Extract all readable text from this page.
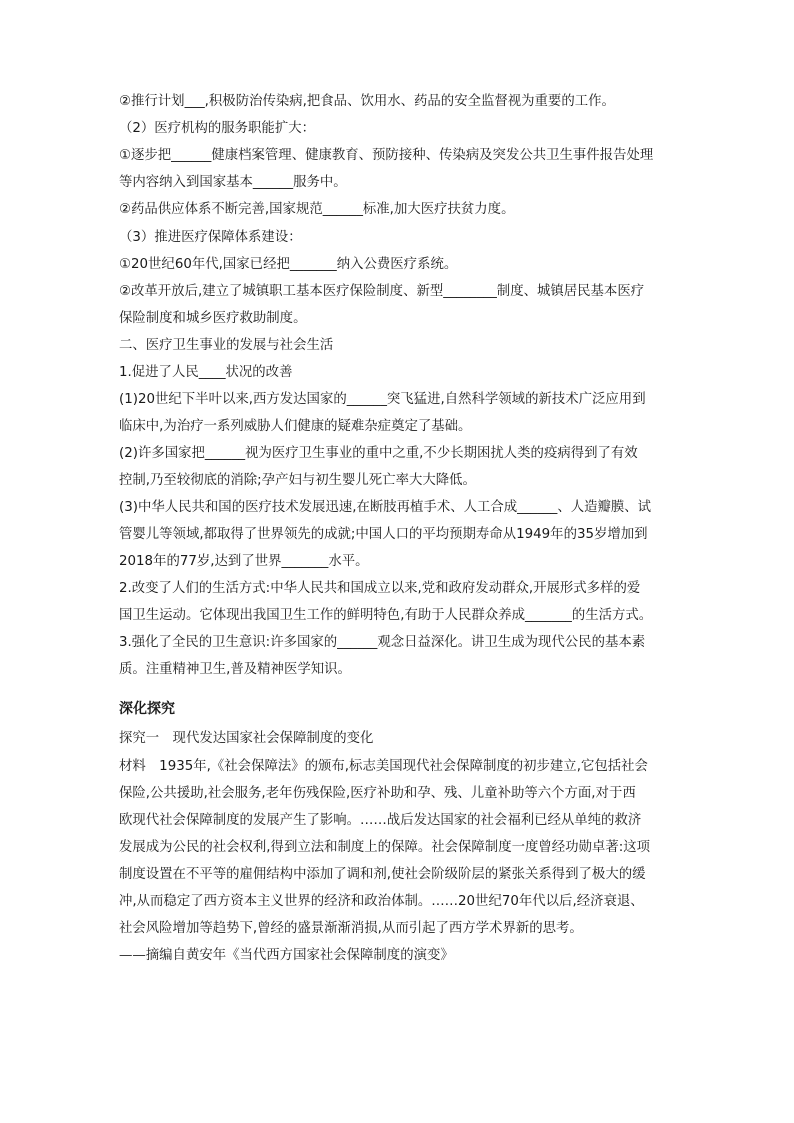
②推行计划___,积极防治传染病,把食品、饮用水、药品的安全监督视为重要的工作。
（2）医疗机构的服务职能扩大：
①逐步把______健康档案管理、健康教育、预防接种、传染病及突发公共卫生事件报告处理
等内容纳入到国家基本______服务中。
②药品供应体系不断完善,国家规范______标准,加大医疗扶贫力度。
（3）推进医疗保障体系建设：
①20世纪60年代,国家已经把_______纳入公费医疗系统。
②改革开放后,建立了城镇职工基本医疗保险制度、新型________制度、城镇居民基本医疗
保险制度和城乡医疗救助制度。
二、医疗卫生事业的发展与社会生活
1.促进了人民____状况的改善
(1)20世纪下半叶以来,西方发达国家的______突飞猛进,自然科学领域的新技术广泛应用到
临床中,为治疗一系列威胁人们健康的疑难杂症奠定了基础。
(2)许多国家把______视为医疗卫生事业的重中之重,不少长期困扰人类的疫病得到了有效
控制,乃至较彻底的消除;孕产妇与初生婴儿死亡率大大降低。
(3)中华人民共和国的医疗技术发展迅速,在断肢再植手术、人工合成______、人造瓣膜、试
管婴儿等领域,都取得了世界领先的成就;中国人口的平均预期寿命从1949年的35岁增加到
2018年的77岁,达到了世界_______水平。
2.改变了人们的生活方式:中华人民共和国成立以来,党和政府发动群众,开展形式多样的爱
国卫生运动。它体现出我国卫生工作的鲜明特色,有助于人民群众养成_______的生活方式。
3.强化了全民的卫生意识:许多国家的______观念日益深化。讲卫生成为现代公民的基本素
质。注重精神卫生,普及精神医学知识。
深化探究
探究一　现代发达国家社会保障制度的变化
材料　1935年,《社会保障法》的颁布,标志美国现代社会保障制度的初步建立,它包括社会
保险,公共援助,社会服务,老年伤残保险,医疗补助和孕、残、儿童补助等六个方面,对于西
欧现代社会保障制度的发展产生了影响。……战后发达国家的社会福利已经从单纯的救济
发展成为公民的社会权利,得到立法和制度上的保障。社会保障制度一度曾经功勋卓著:这项
制度设置在不平等的雇佣结构中添加了调和剂,使社会阶级阶层的紧张关系得到了极大的缓
冲,从而稳定了西方资本主义世界的经济和政治体制。……20世纪70年代以后,经济衰退、
社会风险增加等趋势下,曾经的盛景渐渐消损,从而引起了西方学术界新的思考。
——摘编自黄安年《当代西方国家社会保障制度的演变》
